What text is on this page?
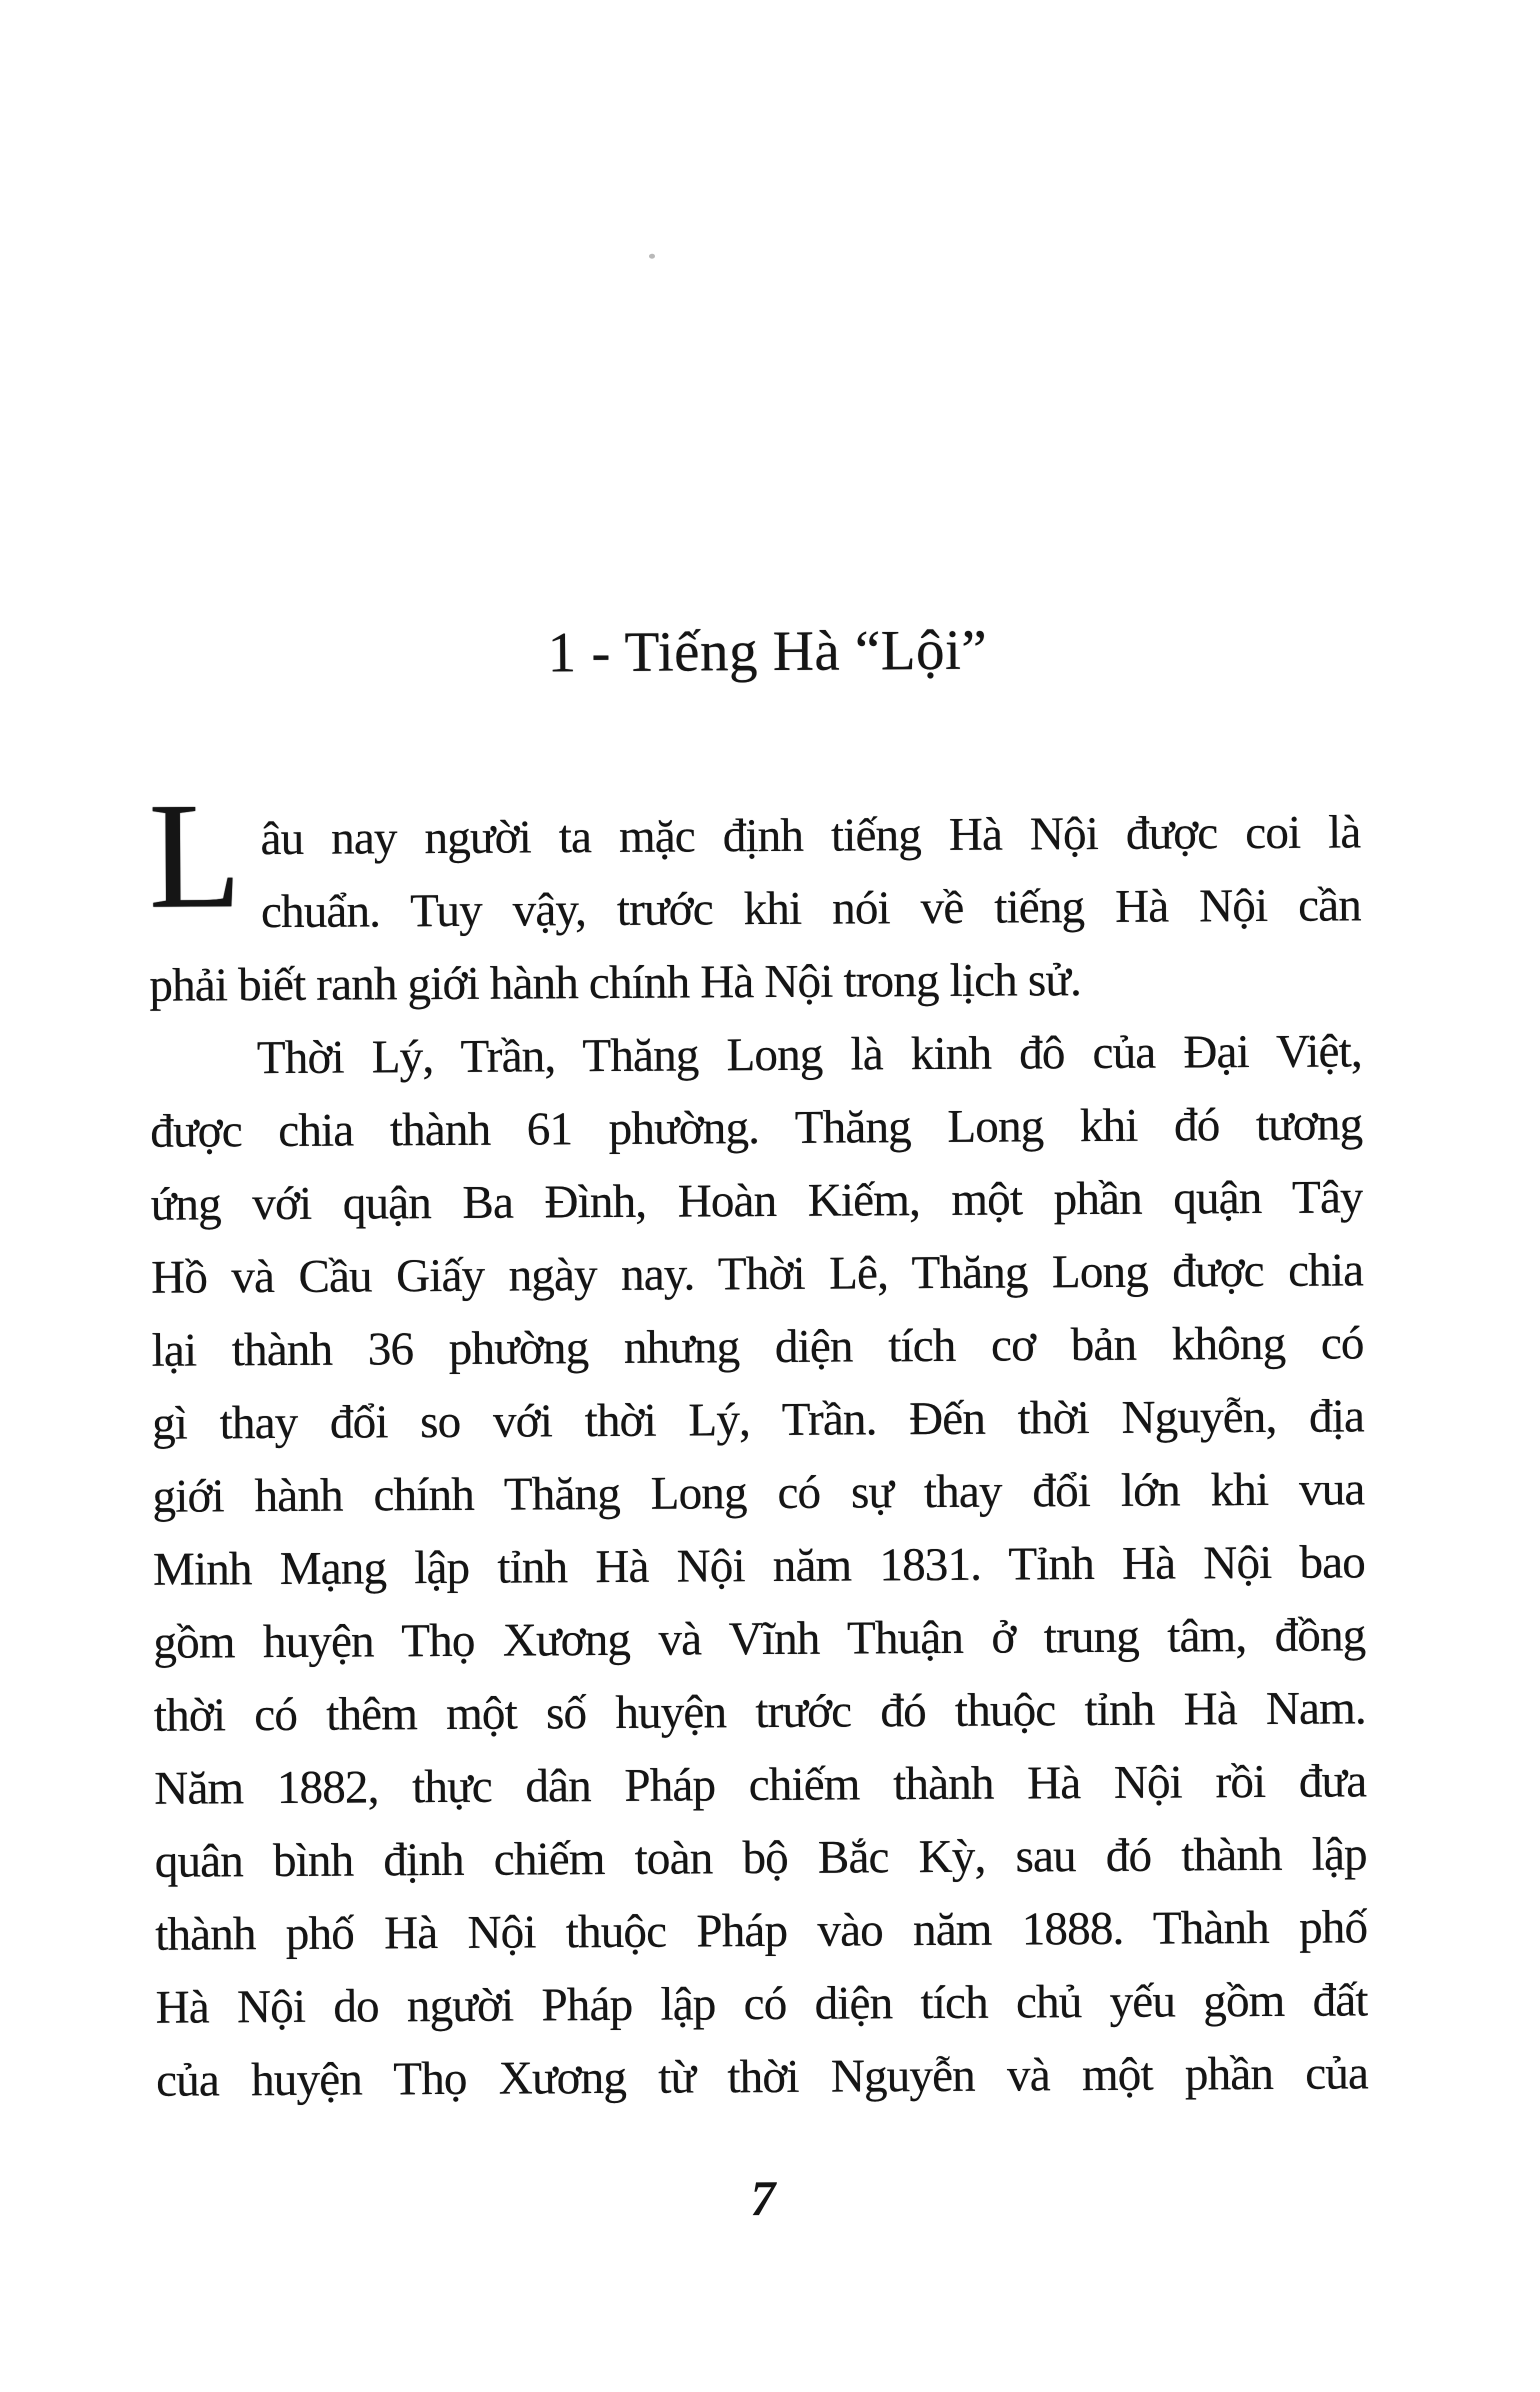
1 - Tiếng Hà “Lội”
L âu nay người ta mặc định tiếng Hà Nội được coi là
chuẩn. Tuy vậy, trước khi nói về tiếng Hà Nội cần
phải biết ranh giới hành chính Hà Nội trong lịch sử.
Thời Lý, Trần, Thăng Long là kinh đô của Đại Việt,
được chia thành 61 phường. Thăng Long khi đó tương
ứng với quận Ba Đình, Hoàn Kiếm, một phần quận Tây
Hồ và Cầu Giấy ngày nay. Thời Lê, Thăng Long được chia
lại thành 36 phường nhưng diện tích cơ bản không có
gì thay đổi so với thời Lý, Trần. Đến thời Nguyễn, địa
giới hành chính Thăng Long có sự thay đổi lớn khi vua
Minh Mạng lập tỉnh Hà Nội năm 1831. Tỉnh Hà Nội bao
gồm huyện Thọ Xương và Vĩnh Thuận ở trung tâm, đồng
thời có thêm một số huyện trước đó thuộc tỉnh Hà Nam.
Năm 1882, thực dân Pháp chiếm thành Hà Nội rồi đưa
quân bình định chiếm toàn bộ Bắc Kỳ, sau đó thành lập
thành phố Hà Nội thuộc Pháp vào năm 1888. Thành phố
Hà Nội do người Pháp lập có diện tích chủ yếu gồm đất
của huyện Thọ Xương từ thời Nguyễn và một phần của
7
